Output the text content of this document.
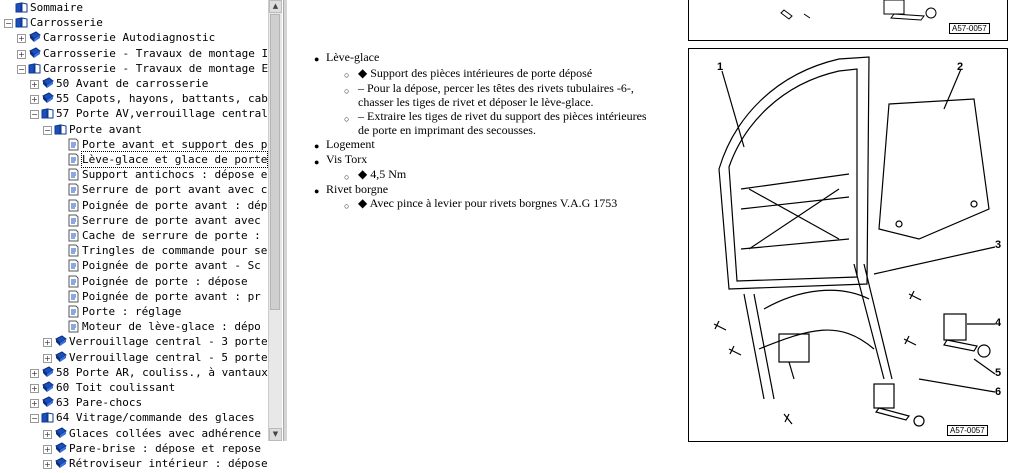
Sommaire
− Carrosserie
+ Carrosserie Autodiagnostic
+ Carrosserie - Travaux de montage I
− Carrosserie - Travaux de montage E
+ 50 Avant de carrosserie
+ 55 Capots, hayons, battants, cab
− 57 Porte AV,verrouillage central
− Porte avant
Porte avant et support des p
Lève-glace et glace de porte
Support antichocs : dépose e
Serrure de port avant avec c
Poignée de porte avant : dép
Serrure de porte avant avec
Cache de serrure de porte :
Tringles de commande pour se
Poignée de porte avant - Sc
Poignée de porte : dépose
Poignée de porte avant : pr
Porte : réglage
Moteur de lève-glace : dépo
+ Verrouillage central - 3 porte
+ Verrouillage central - 5 porte
+ 58 Porte AR, couliss., à vantaux
+ 60 Toit coulissant
+ 63 Pare-chocs
− 64 Vitrage/commande des glaces
+ Glaces collées avec adhérence
+ Pare-brise : dépose et repose
+ Rétroviseur intérieur : dépose
▲
▼
● Lève-glace
○ ◆ Support des pièces intérieures de porte déposé
○ – Pour la dépose, percer les têtes des rivets tubulaires -6-,
chasser les tiges de rivet et déposer le lève-glace.
○ – Extraire les tiges de rivet du support des pièces intérieures
de porte en imprimant des secousses.
● Logement
● Vis Torx
○ ◆ 4,5 Nm
● Rivet borgne
○ ◆ Avec pince à levier pour rivets borgnes V.A.G 1753
A57-0057
1	2
3
4
5
6
A57-0057
